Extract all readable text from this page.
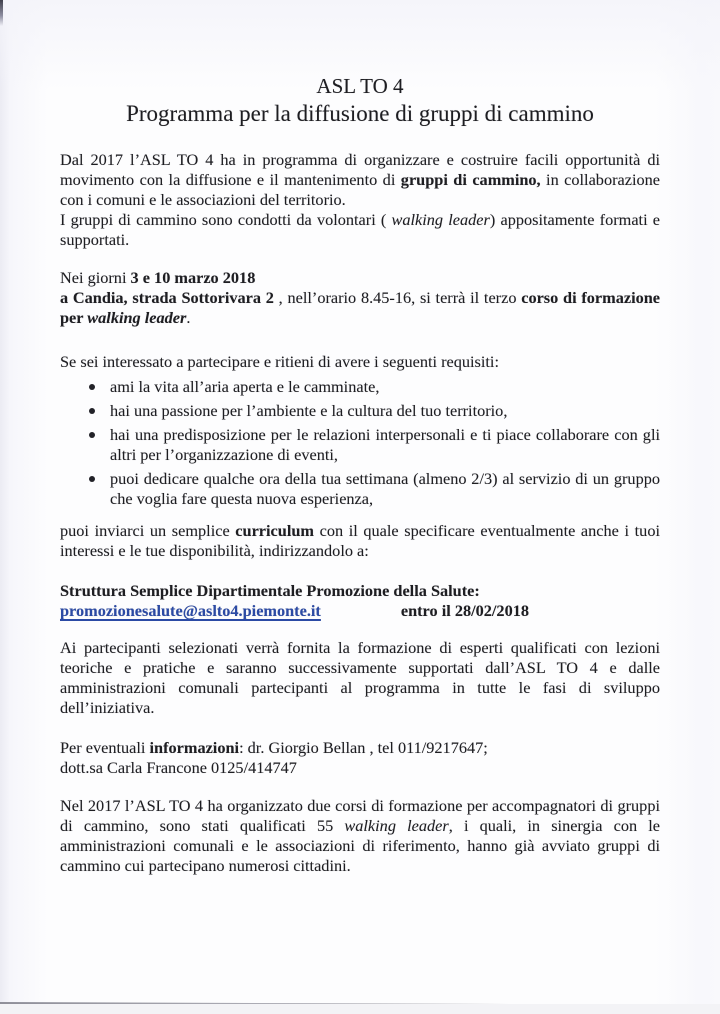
ASL TO 4
Programma per la diffusione di gruppi di cammino

Dal 2017 l’ASL TO 4 ha in programma di organizzare e costruire facili opportunità di movimento con la diffusione e il mantenimento di gruppi di cammino, in collaborazione con i comuni e le associazioni del territorio.
I gruppi di cammino sono condotti da volontari ( walking leader) appositamente formati e supportati.

Nei giorni 3 e 10 marzo 2018
a Candia, strada Sottorivara 2 , nell’orario 8.45-16, si terrà il terzo corso di formazione per walking leader.

Se sei interessato a partecipare e ritieni di avere i seguenti requisiti:

ami la vita all’aria aperta e le camminate,
hai una passione per l’ambiente e la cultura del tuo territorio,
hai una predisposizione per le relazioni interpersonali e ti piace collaborare con gli altri per l’organizzazione di eventi,
puoi dedicare qualche ora della tua settimana (almeno 2/3) al servizio di un gruppo che voglia fare questa nuova esperienza,

puoi inviarci un semplice curriculum con il quale specificare eventualmente anche i tuoi interessi e le tue disponibilità, indirizzandolo a:

Struttura Semplice Dipartimentale Promozione della Salute:
promozionesalute@aslto4.piemonte.it	entro il 28/02/2018

Ai partecipanti selezionati verrà fornita la formazione di esperti qualificati con lezioni teoriche e pratiche e saranno successivamente supportati dall’ASL TO 4 e dalle amministrazioni comunali partecipanti al programma in tutte le fasi di sviluppo dell’iniziativa.

Per eventuali informazioni: dr. Giorgio Bellan , tel 011/9217647;
dott.sa Carla Francone 0125/414747

Nel 2017 l’ASL TO 4 ha organizzato due corsi di formazione per accompagnatori di gruppi di cammino, sono stati qualificati 55 walking leader, i quali, in sinergia con le amministrazioni comunali e le associazioni di riferimento, hanno già avviato gruppi di cammino cui partecipano numerosi cittadini.
